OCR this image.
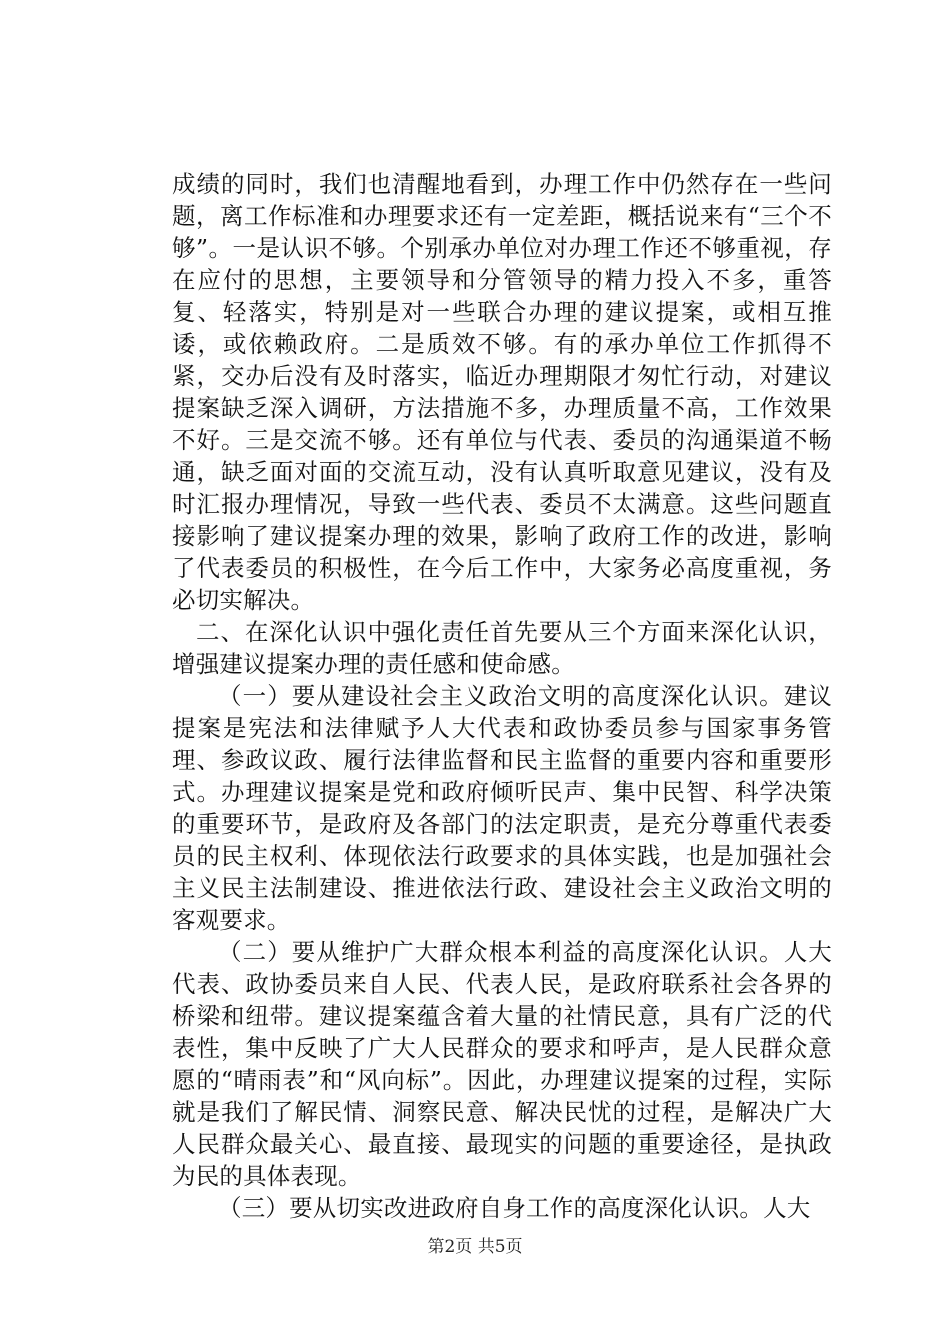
成绩的同时，我们也清醒地看到，办理工作中仍然存在一些问题，离工作标准和办理要求还有一定差距，概括说来有“三个不够”。一是认识不够。个别承办单位对办理工作还不够重视，存在应付的思想，主要领导和分管领导的精力投入不多，重答复、轻落实，特别是对一些联合办理的建议提案，或相互推诿，或依赖政府。二是质效不够。有的承办单位工作抓得不紧，交办后没有及时落实，临近办理期限才匆忙行动，对建议提案缺乏深入调研，方法措施不多，办理质量不高，工作效果不好。三是交流不够。还有单位与代表、委员的沟通渠道不畅通，缺乏面对面的交流互动，没有认真听取意见建议，没有及时汇报办理情况，导致一些代表、委员不太满意。这些问题直接影响了建议提案办理的效果，影响了政府工作的改进，影响了代表委员的积极性，在今后工作中，大家务必高度重视，务必切实解决。

二、在深化认识中强化责任首先要从三个方面来深化认识，增强建议提案办理的责任感和使命感。

（一）要从建设社会主义政治文明的高度深化认识。建议提案是宪法和法律赋予人大代表和政协委员参与国家事务管理、参政议政、履行法律监督和民主监督的重要内容和重要形式。办理建议提案是党和政府倾听民声、集中民智、科学决策的重要环节，是政府及各部门的法定职责，是充分尊重代表委员的民主权利、体现依法行政要求的具体实践，也是加强社会主义民主法制建设、推进依法行政、建设社会主义政治文明的客观要求。

（二）要从维护广大群众根本利益的高度深化认识。人大代表、政协委员来自人民、代表人民，是政府联系社会各界的桥梁和纽带。建议提案蕴含着大量的社情民意，具有广泛的代表性，集中反映了广大人民群众的要求和呼声，是人民群众意愿的“晴雨表”和“风向标”。因此，办理建议提案的过程，实际就是我们了解民情、洞察民意、解决民忧的过程，是解决广大人民群众最关心、最直接、最现实的问题的重要途径，是执政为民的具体表现。

（三）要从切实改进政府自身工作的高度深化认识。人大

第2页 共5页
